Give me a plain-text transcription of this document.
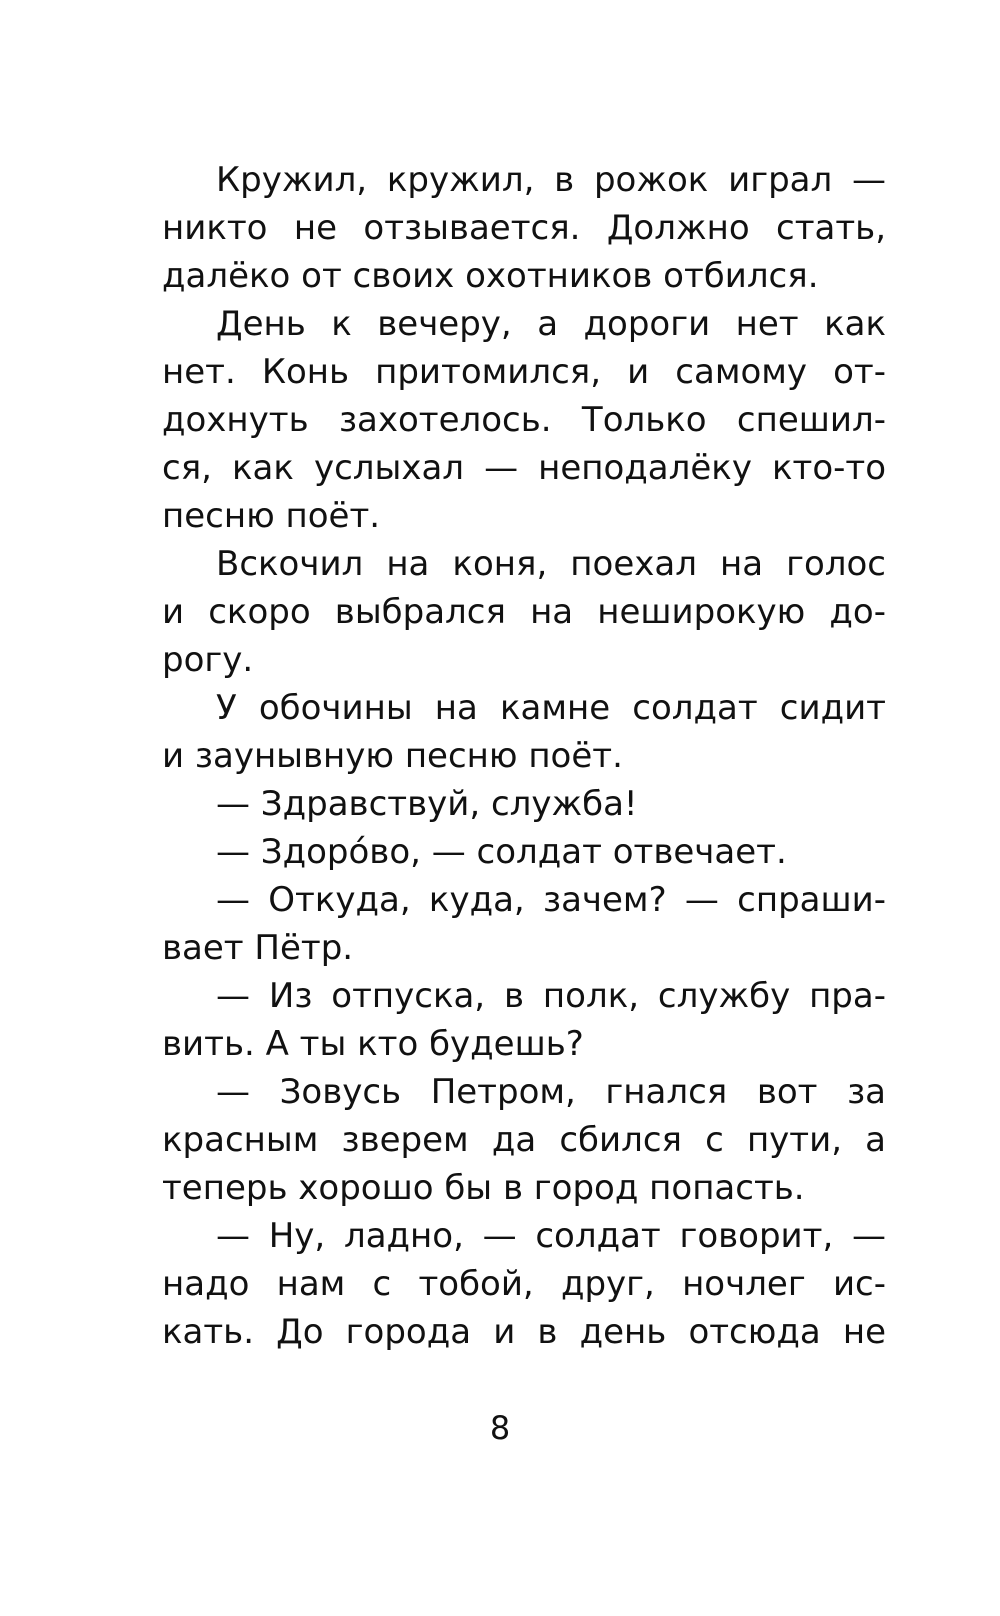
Кружил, кружил, в рожок играл —
никто не отзывается. Должно стать,
далёко от своих охотников отбился.
День к вечеру, а дороги нет как
нет. Конь притомился, и самому от-
дохнуть захотелось. Только спешил-
ся, как услыхал — неподалёку кто-то
песню поёт.
Вскочил на коня, поехал на голос
и скоро выбрался на неширокую до-
рогу.
У обочины на камне солдат сидит
и заунывную песню поёт.
— Здравствуй, служба!
— Здоро́во, — солдат отвечает.
— Откуда, куда, зачем? — спраши-
вает Пётр.
— Из отпуска, в полк, службу пра-
вить. А ты кто будешь?
— Зовусь Петром, гнался вот за
красным зверем да сбился с пути, а
теперь хорошо бы в город попасть.
— Ну, ладно, — солдат говорит, —
надо нам с тобой, друг, ночлег ис-
кать. До города и в день отсюда не
8
